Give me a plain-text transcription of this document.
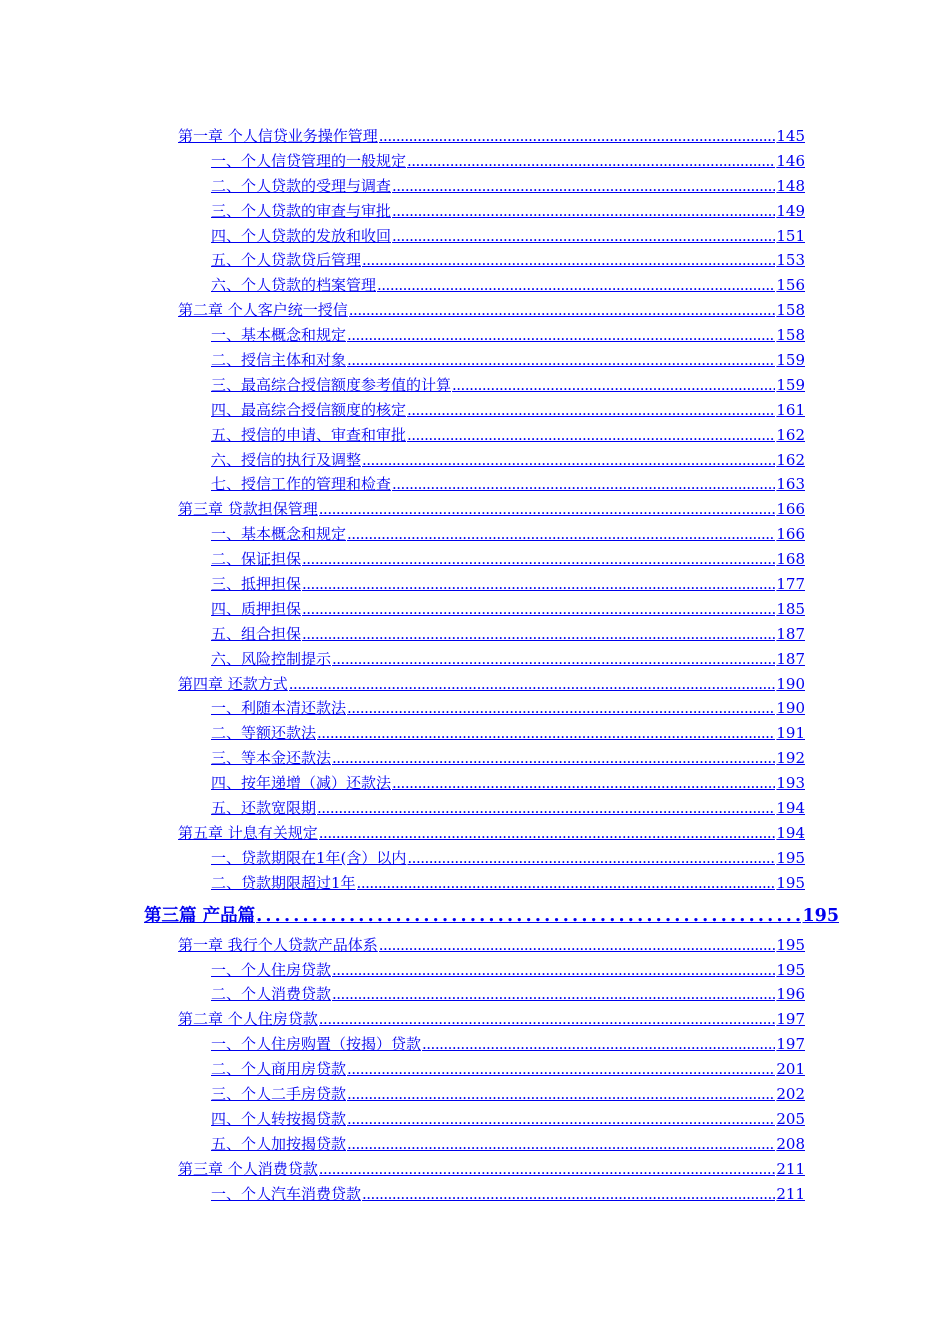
第一章 个人信贷业务操作管理 .....	145
一、个人信贷管理的一般规定 .....	146
二、个人贷款的受理与调查 .....	148
三、个人贷款的审查与审批 .....	149
四、个人贷款的发放和收回 .....	151
五、个人贷款贷后管理 .....	153
六、个人贷款的档案管理 .....	156
第二章 个人客户统一授信 .....	158
一、基本概念和规定 .....	158
二、授信主体和对象 .....	159
三、最高综合授信额度参考值的计算 .....	159
四、最高综合授信额度的核定 .....	161
五、授信的申请、审查和审批 .....	162
六、授信的执行及调整 .....	162
七、授信工作的管理和检查 .....	163
第三章 贷款担保管理 .....	166
一、基本概念和规定 .....	166
二、保证担保 .....	168
三、抵押担保 .....	177
四、质押担保 .....	185
五、组合担保 .....	187
六、风险控制提示 .....	187
第四章 还款方式 .....	190
一、利随本清还款法 .....	190
二、等额还款法 .....	191
三、等本金还款法 .....	192
四、按年递增（减）还款法 .....	193
五、还款宽限期 .....	194
第五章 计息有关规定 .....	194
一、贷款期限在1年(含）以内 .....	195
二、贷款期限超过1年 .....	195
第三篇 产品篇 .....	195
第一章 我行个人贷款产品体系 .....	195
一、个人住房贷款 .....	195
二、个人消费贷款 .....	196
第二章 个人住房贷款 .....	197
一、个人住房购置（按揭）贷款 .....	197
二、个人商用房贷款 .....	201
三、个人二手房贷款 .....	202
四、个人转按揭贷款 .....	205
五、个人加按揭贷款 .....	208
第三章 个人消费贷款 .....	211
一、个人汽车消费贷款 .....	211
